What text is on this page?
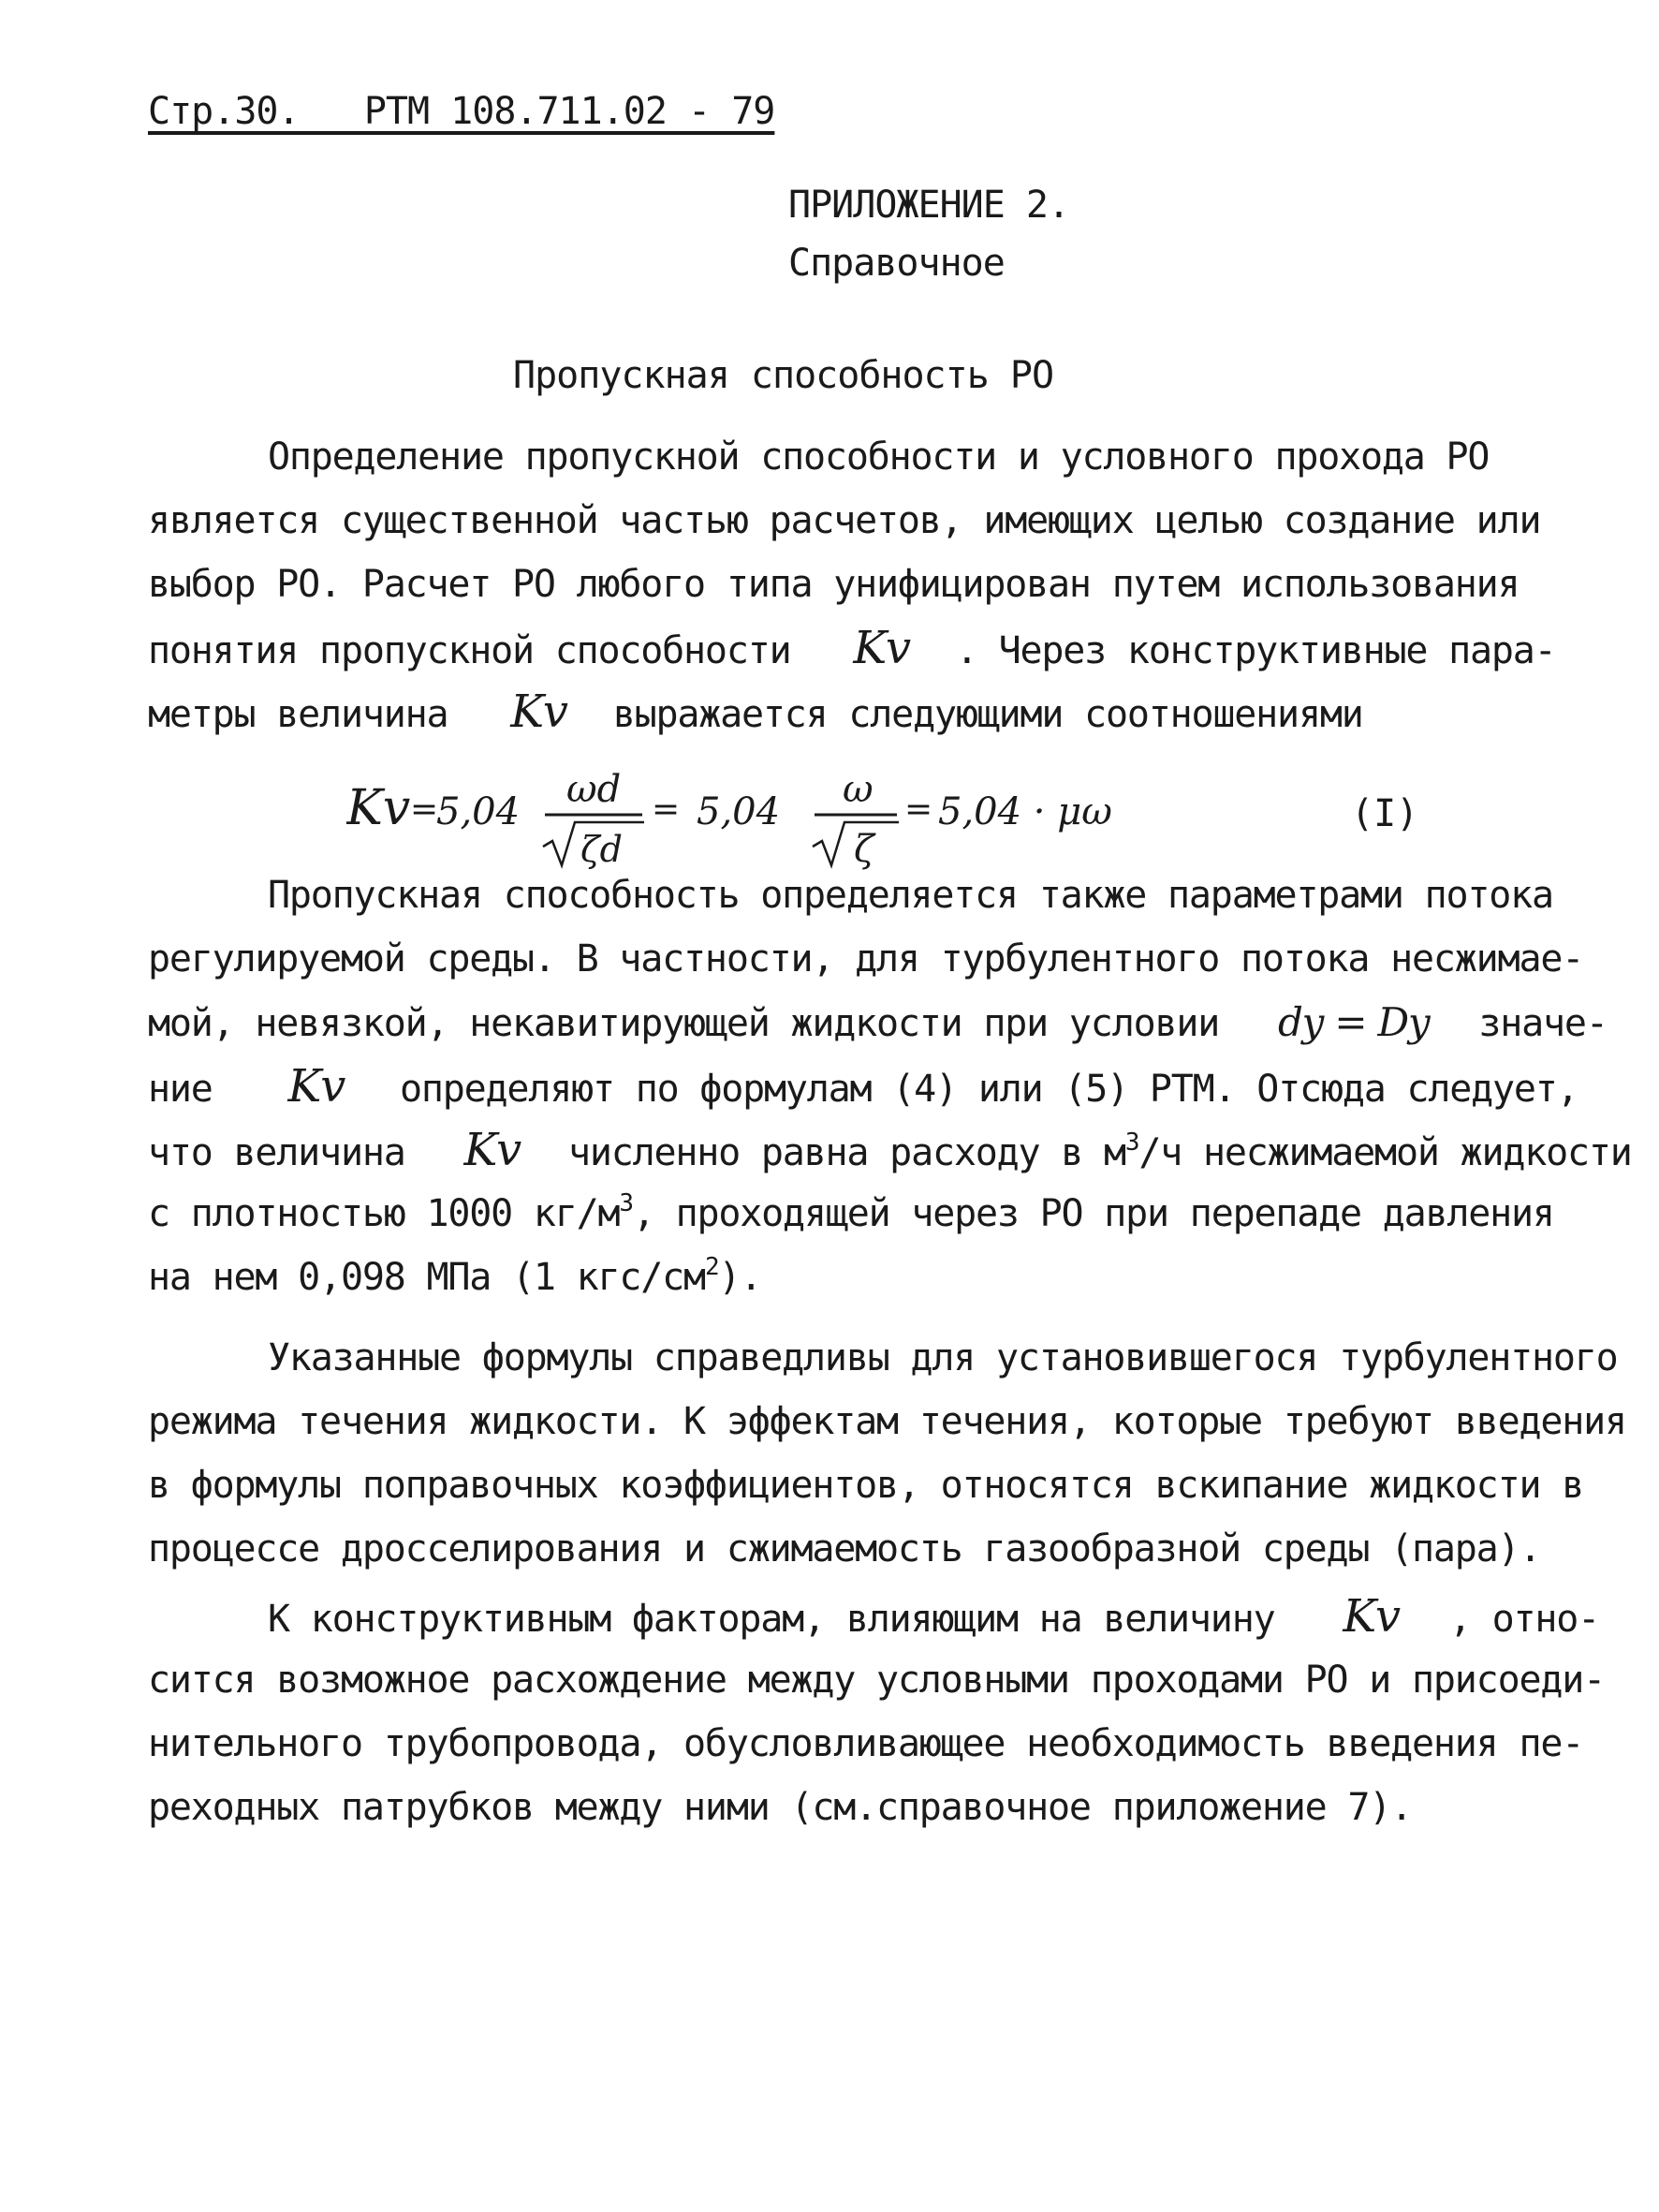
Стр.30.   РТМ 108.711.02 - 79
ПРИЛОЖЕНИЕ 2.
Справочное
Пропускная способность РО
Определение пропускной способности и условного прохода РО
является существенной частью расчетов, имеющих целью создание или
выбор РО. Расчет РО любого типа унифицирован путем использования
понятия пропускной способности Kv . Через конструктивные пара-
метры величина Kv выражается следующими соотношениями
Kv =
5,04
ωd
ζd
= 5,04
ω
ζ
= 5,04 · μω	(I)
Пропускная способность определяется также параметрами потока
регулируемой среды. В частности, для турбулентного потока несжимае-
мой, невязкой, некавитирующей жидкости при условии dy = Dy значе-
ние Kv определяют по формулам (4) или (5) РТМ. Отсюда следует,
что величина Kv численно равна расходу в $м^3/ч$ несжимаемой жидкости
с плотностью 1000 $кг/м^3$, проходящей через РО при перепаде давления
на нем 0,098 МПа (1 кгс/$см^2$).
Указанные формулы справедливы для установившегося турбулентного
режима течения жидкости. К эффектам течения, которые требуют введения
в формулы поправочных коэффициентов, относятся вскипание жидкости в
процессе дросселирования и сжимаемость газообразной среды (пара).
К конструктивным факторам, влияющим на величину Kv , отно-
сится возможное расхождение между условными проходами РО и присоеди-
нительного трубопровода, обусловливающее необходимость введения пе-
реходных патрубков между ними (см.справочное приложение 7).
